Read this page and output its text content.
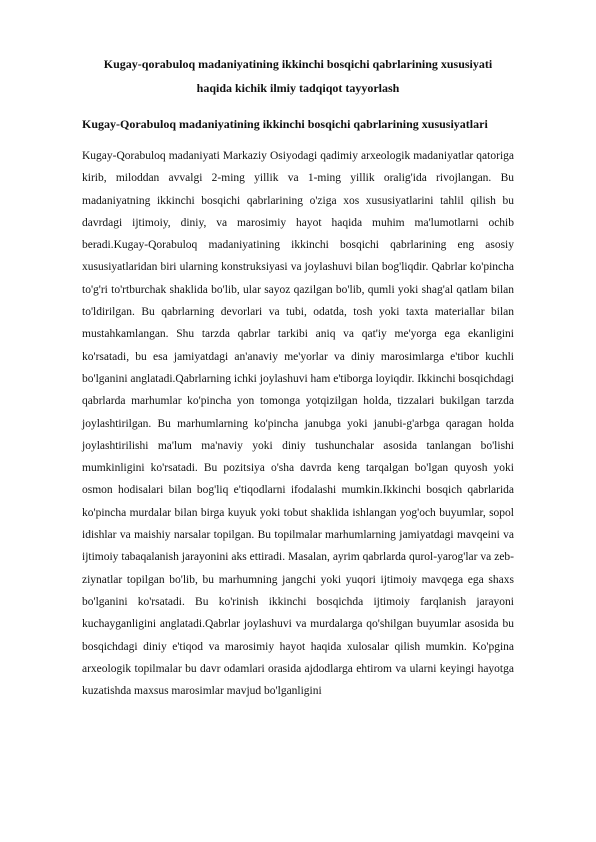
Kugay-qorabuloq madaniyatining ikkinchi bosqichi qabrlarining xususiyati haqida kichik ilmiy tadqiqot tayyorlash
Kugay-Qorabuloq madaniyatining ikkinchi bosqichi qabrlarining xususiyatlari

Kugay-Qorabuloq madaniyati Markaziy Osiyodagi qadimiy arxeologik madaniyatlar qatoriga kirib, miloddan avvalgi 2-ming yillik va 1-ming yillik oralig'ida rivojlangan. Bu madaniyatning ikkinchi bosqichi qabrlarining o'ziga xos xususiyatlarini tahlil qilish bu davrdagi ijtimoiy, diniy, va marosimiy hayot haqida muhim ma'lumotlarni ochib beradi.Kugay-Qorabuloq madaniyatining ikkinchi bosqichi qabrlarining eng asosiy xususiyatlaridan biri ularning konstruksiyasi va joylashuvi bilan bog'liqdir. Qabrlar ko'pincha to'g'ri to'rtburchak shaklida bo'lib, ular sayoz qazilgan bo'lib, qumli yoki shag'al qatlam bilan to'ldirilgan. Bu qabrlarning devorlari va tubi, odatda, tosh yoki taxta materiallar bilan mustahkamlangan. Shu tarzda qabrlar tarkibi aniq va qat'iy me'yorga ega ekanligini ko'rsatadi, bu esa jamiyatdagi an'anaviy me'yorlar va diniy marosimlarga e'tibor kuchli bo'lganini anglatadi.Qabrlarning ichki joylashuvi ham e'tiborga loyiqdir. Ikkinchi bosqichdagi qabrlarda marhumlar ko'pincha yon tomonga yotqizilgan holda, tizzalari bukilgan tarzda joylashtirilgan. Bu marhumlarning ko'pincha janubga yoki janubi-g'arbga qaragan holda joylashtirilishi ma'lum ma'naviy yoki diniy tushunchalar asosida tanlangan bo'lishi mumkinligini ko'rsatadi. Bu pozitsiya o'sha davrda keng tarqalgan bo'lgan quyosh yoki osmon hodisalari bilan bog'liq e'tiqodlarni ifodalashi mumkin.Ikkinchi bosqich qabrlarida ko'pincha murdalar bilan birga kuyuk yoki tobut shaklida ishlangan yog'och buyumlar, sopol idishlar va maishiy narsalar topilgan. Bu topilmalar marhumlarning jamiyatdagi mavqeini va ijtimoiy tabaqalanish jarayonini aks ettiradi. Masalan, ayrim qabrlarda qurol-yarog'lar va zeb-ziynatlar topilgan bo'lib, bu marhumning jangchi yoki yuqori ijtimoiy mavqega ega shaxs bo'lganini ko'rsatadi. Bu ko'rinish ikkinchi bosqichda ijtimoiy farqlanish jarayoni kuchayganligini anglatadi.Qabrlar joylashuvi va murdalarga qo'shilgan buyumlar asosida bu bosqichdagi diniy e'tiqod va marosimiy hayot haqida xulosalar qilish mumkin. Ko'pgina arxeologik topilmalar bu davr odamlari orasida ajdodlarga ehtirom va ularni keyingi hayotga kuzatishda maxsus marosimlar mavjud bo'lganligini
